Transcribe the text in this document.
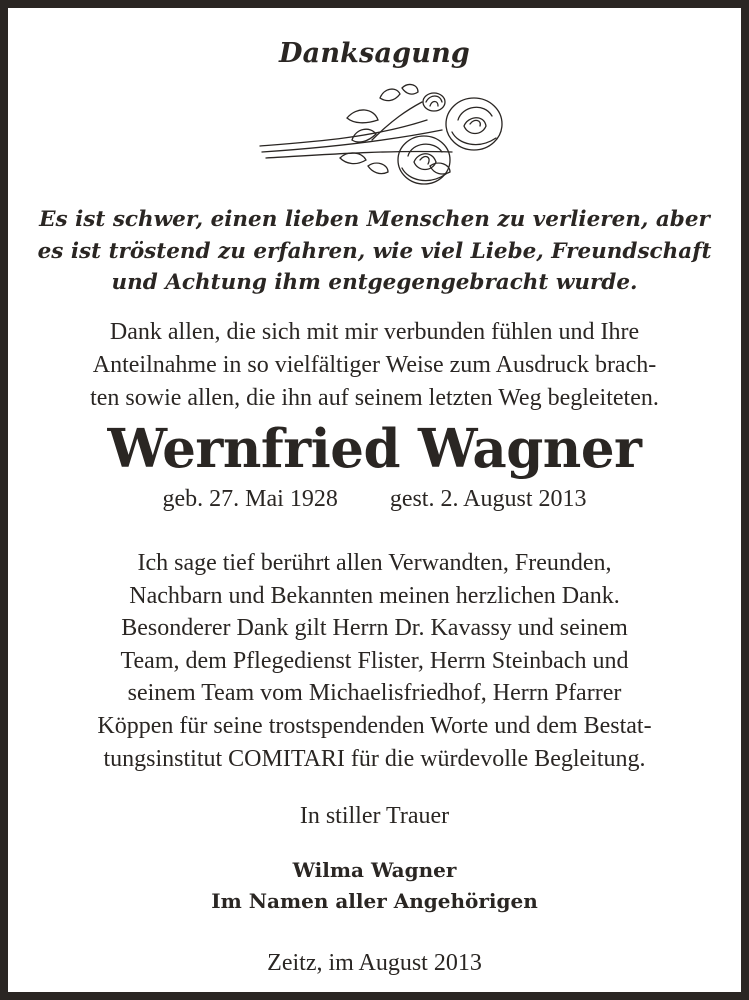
Danksagung

Es ist schwer, einen lieben Menschen zu verlieren, aber
es ist tröstend zu erfahren, wie viel Liebe, Freundschaft
und Achtung ihm entgegengebracht wurde.
Dank allen, die sich mit mir verbunden fühlen und Ihre
Anteilnahme in so vielfältiger Weise zum Ausdruck brach-
ten sowie allen, die ihn auf seinem letzten Weg begleiteten.

Wernfried Wagner

geb. 27. Mai 1928 gest. 2. August 2013

Ich sage tief berührt allen Verwandten, Freunden,
Nachbarn und Bekannten meinen herzlichen Dank.
Besonderer Dank gilt Herrn Dr. Kavassy und seinem
Team, dem Pflegedienst Flister, Herrn Steinbach und
seinem Team vom Michaelisfriedhof, Herrn Pfarrer
Köppen für seine trostspendenden Worte und dem Bestat-
tungsinstitut COMITARI für die würdevolle Begleitung.

In stiller Trauer

Wilma Wagner
Im Namen aller Angehörigen

Zeitz, im August 2013
